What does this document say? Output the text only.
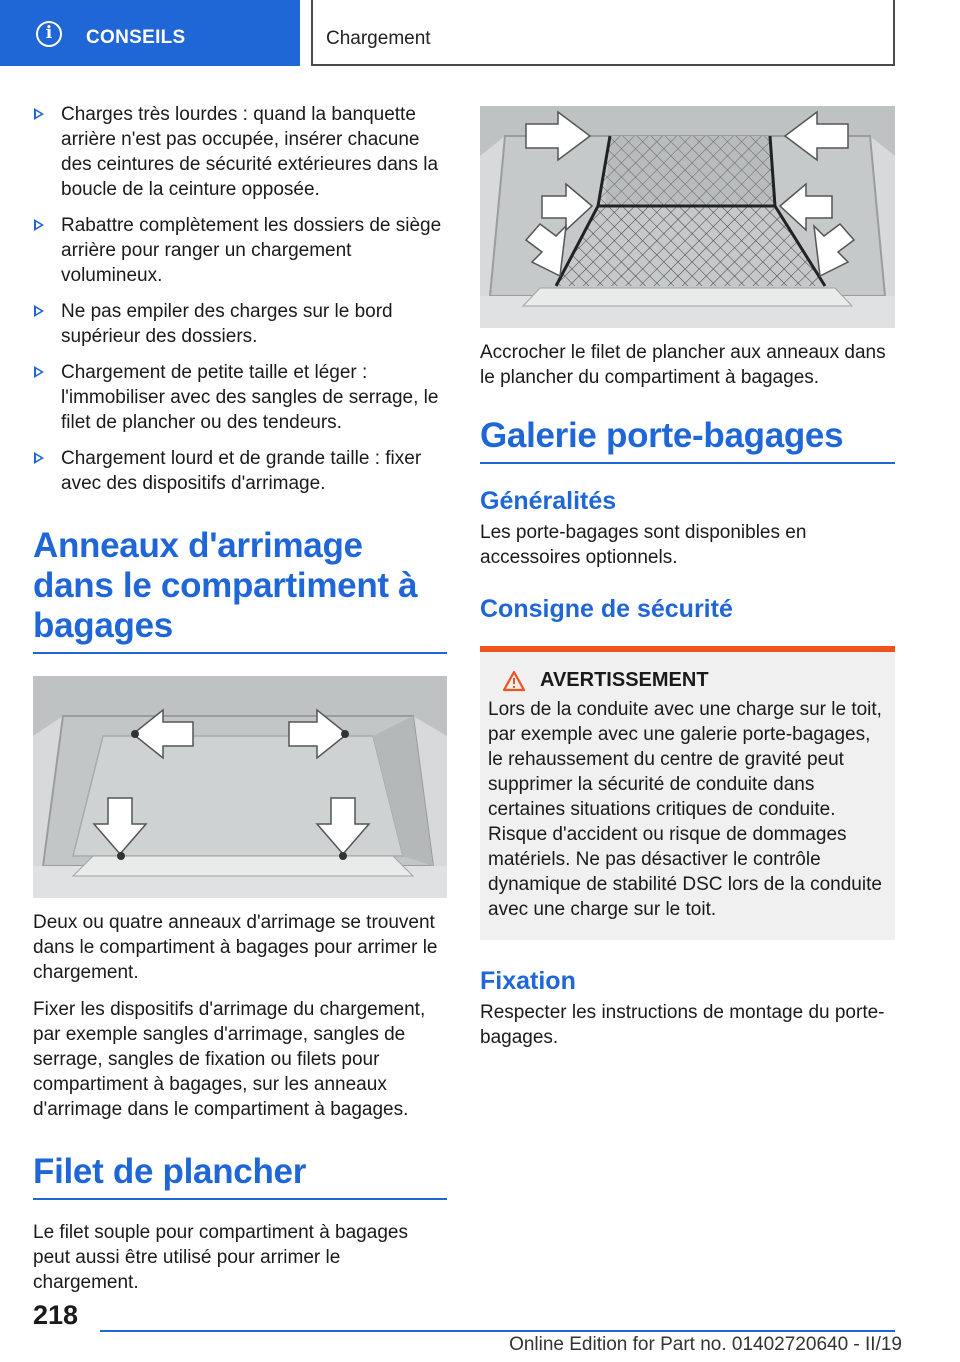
i	CONSEILS	Chargement
Charges très lourdes : quand la banquette arrière n'est pas occupée, insérer chacune des ceintures de sécurité extérieures dans la boucle de la ceinture opposée.
Rabattre complètement les dossiers de siège arrière pour ranger un chargement volumineux.
Ne pas empiler des charges sur le bord supérieur des dossiers.
Chargement de petite taille et léger : l'immobiliser avec des sangles de serrage, le filet de plancher ou des tendeurs.
Chargement lourd et de grande taille : fixer avec des dispositifs d'arrimage.
Anneaux d'arrimage dans le compartiment à bagages

Deux ou quatre anneaux d'arrimage se trouvent dans le compartiment à bagages pour arrimer le chargement.

Fixer les dispositifs d'arrimage du chargement, par exemple sangles d'arrimage, sangles de serrage, sangles de fixation ou filets pour compartiment à bagages, sur les anneaux d'arrimage dans le compartiment à bagages.

Filet de plancher

Le filet souple pour compartiment à bagages peut aussi être utilisé pour arrimer le chargement.

Accrocher le filet de plancher aux anneaux dans le plancher du compartiment à bagages.

Galerie porte-bagages
Généralités

Les porte-bagages sont disponibles en accessoires optionnels.

Consigne de sécurité
AVERTISSEMENT
Lors de la conduite avec une charge sur le toit, par exemple avec une galerie porte-bagages, le rehaussement du centre de gravité peut supprimer la sécurité de conduite dans certaines situations critiques de conduite. Risque d'accident ou risque de dommages matériels. Ne pas désactiver le contrôle dynamique de stabilité DSC lors de la conduite avec une charge sur le toit.
Fixation

Respecter les instructions de montage du porte-bagages.

218
Online Edition for Part no. 01402720640 - II/19
